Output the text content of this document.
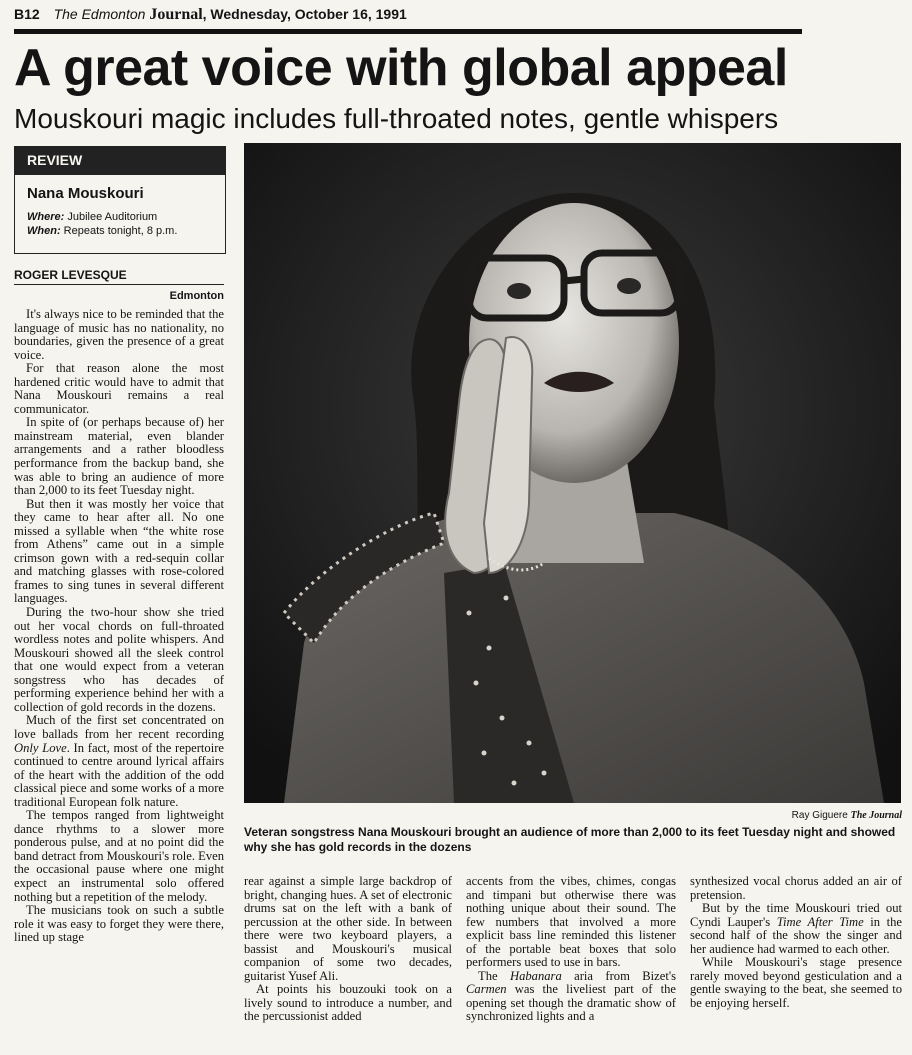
B12 The Edmonton Journal, Wednesday, October 16, 1991
A great voice with global appeal
Mouskouri magic includes full-throated notes, gentle whispers
REVIEW
Nana Mouskouri
Where: Jubilee Auditorium
When: Repeats tonight, 8 p.m.
ROGER LEVESQUE
Edmonton

It's always nice to be reminded that the language of music has no nationality, no boundaries, given the presence of a great voice.

For that reason alone the most hardened critic would have to admit that Nana Mouskouri remains a real communicator.

In spite of (or perhaps because of) her mainstream material, even blander arrangements and a rather bloodless performance from the backup band, she was able to bring an audience of more than 2,000 to its feet Tuesday night.

But then it was mostly her voice that they came to hear after all. No one missed a syllable when “the white rose from Athens” came out in a simple crimson gown with a red-sequin collar and matching glasses with rose-colored frames to sing tunes in several different languages.

During the two-hour show she tried out her vocal chords on full-throated wordless notes and polite whispers. And Mouskouri showed all the sleek control that one would expect from a veteran songstress who has decades of performing experience behind her with a collection of gold records in the dozens.

Much of the first set concentrated on love ballads from her recent recording Only Love. In fact, most of the repertoire continued to centre around lyrical affairs of the heart with the addition of the odd classical piece and some works of a more traditional European folk nature.

The tempos ranged from lightweight dance rhythms to a slower more ponderous pulse, and at no point did the band detract from Mouskouri's role. Even the occasional pause where one might expect an instrumental solo offered nothing but a repetition of the melody.

The musicians took on such a subtle role it was easy to forget they were there, lined up stage

Ray Giguere The Journal
Veteran songstress Nana Mouskouri brought an audience of more than 2,000 to its feet Tuesday night and showed why she has gold records in the dozens

rear against a simple large backdrop of bright, changing hues. A set of electronic drums sat on the left with a bank of percussion at the other side. In between there were two keyboard players, a bassist and Mouskouri's musical companion of some two decades, guitarist Yusef Ali.

At points his bouzouki took on a lively sound to introduce a number, and the percussionist added

accents from the vibes, chimes, congas and timpani but otherwise there was nothing unique about their sound. The few numbers that involved a more explicit bass line reminded this listener of the portable beat boxes that solo performers used to use in bars.

The Habanara aria from Bizet's Carmen was the liveliest part of the opening set though the dramatic show of synchronized lights and a

synthesized vocal chorus added an air of pretension.

But by the time Mouskouri tried out Cyndi Lauper's Time After Time in the second half of the show the singer and her audience had warmed to each other.

While Mouskouri's stage presence rarely moved beyond gesticulation and a gentle swaying to the beat, she seemed to be enjoying herself.
